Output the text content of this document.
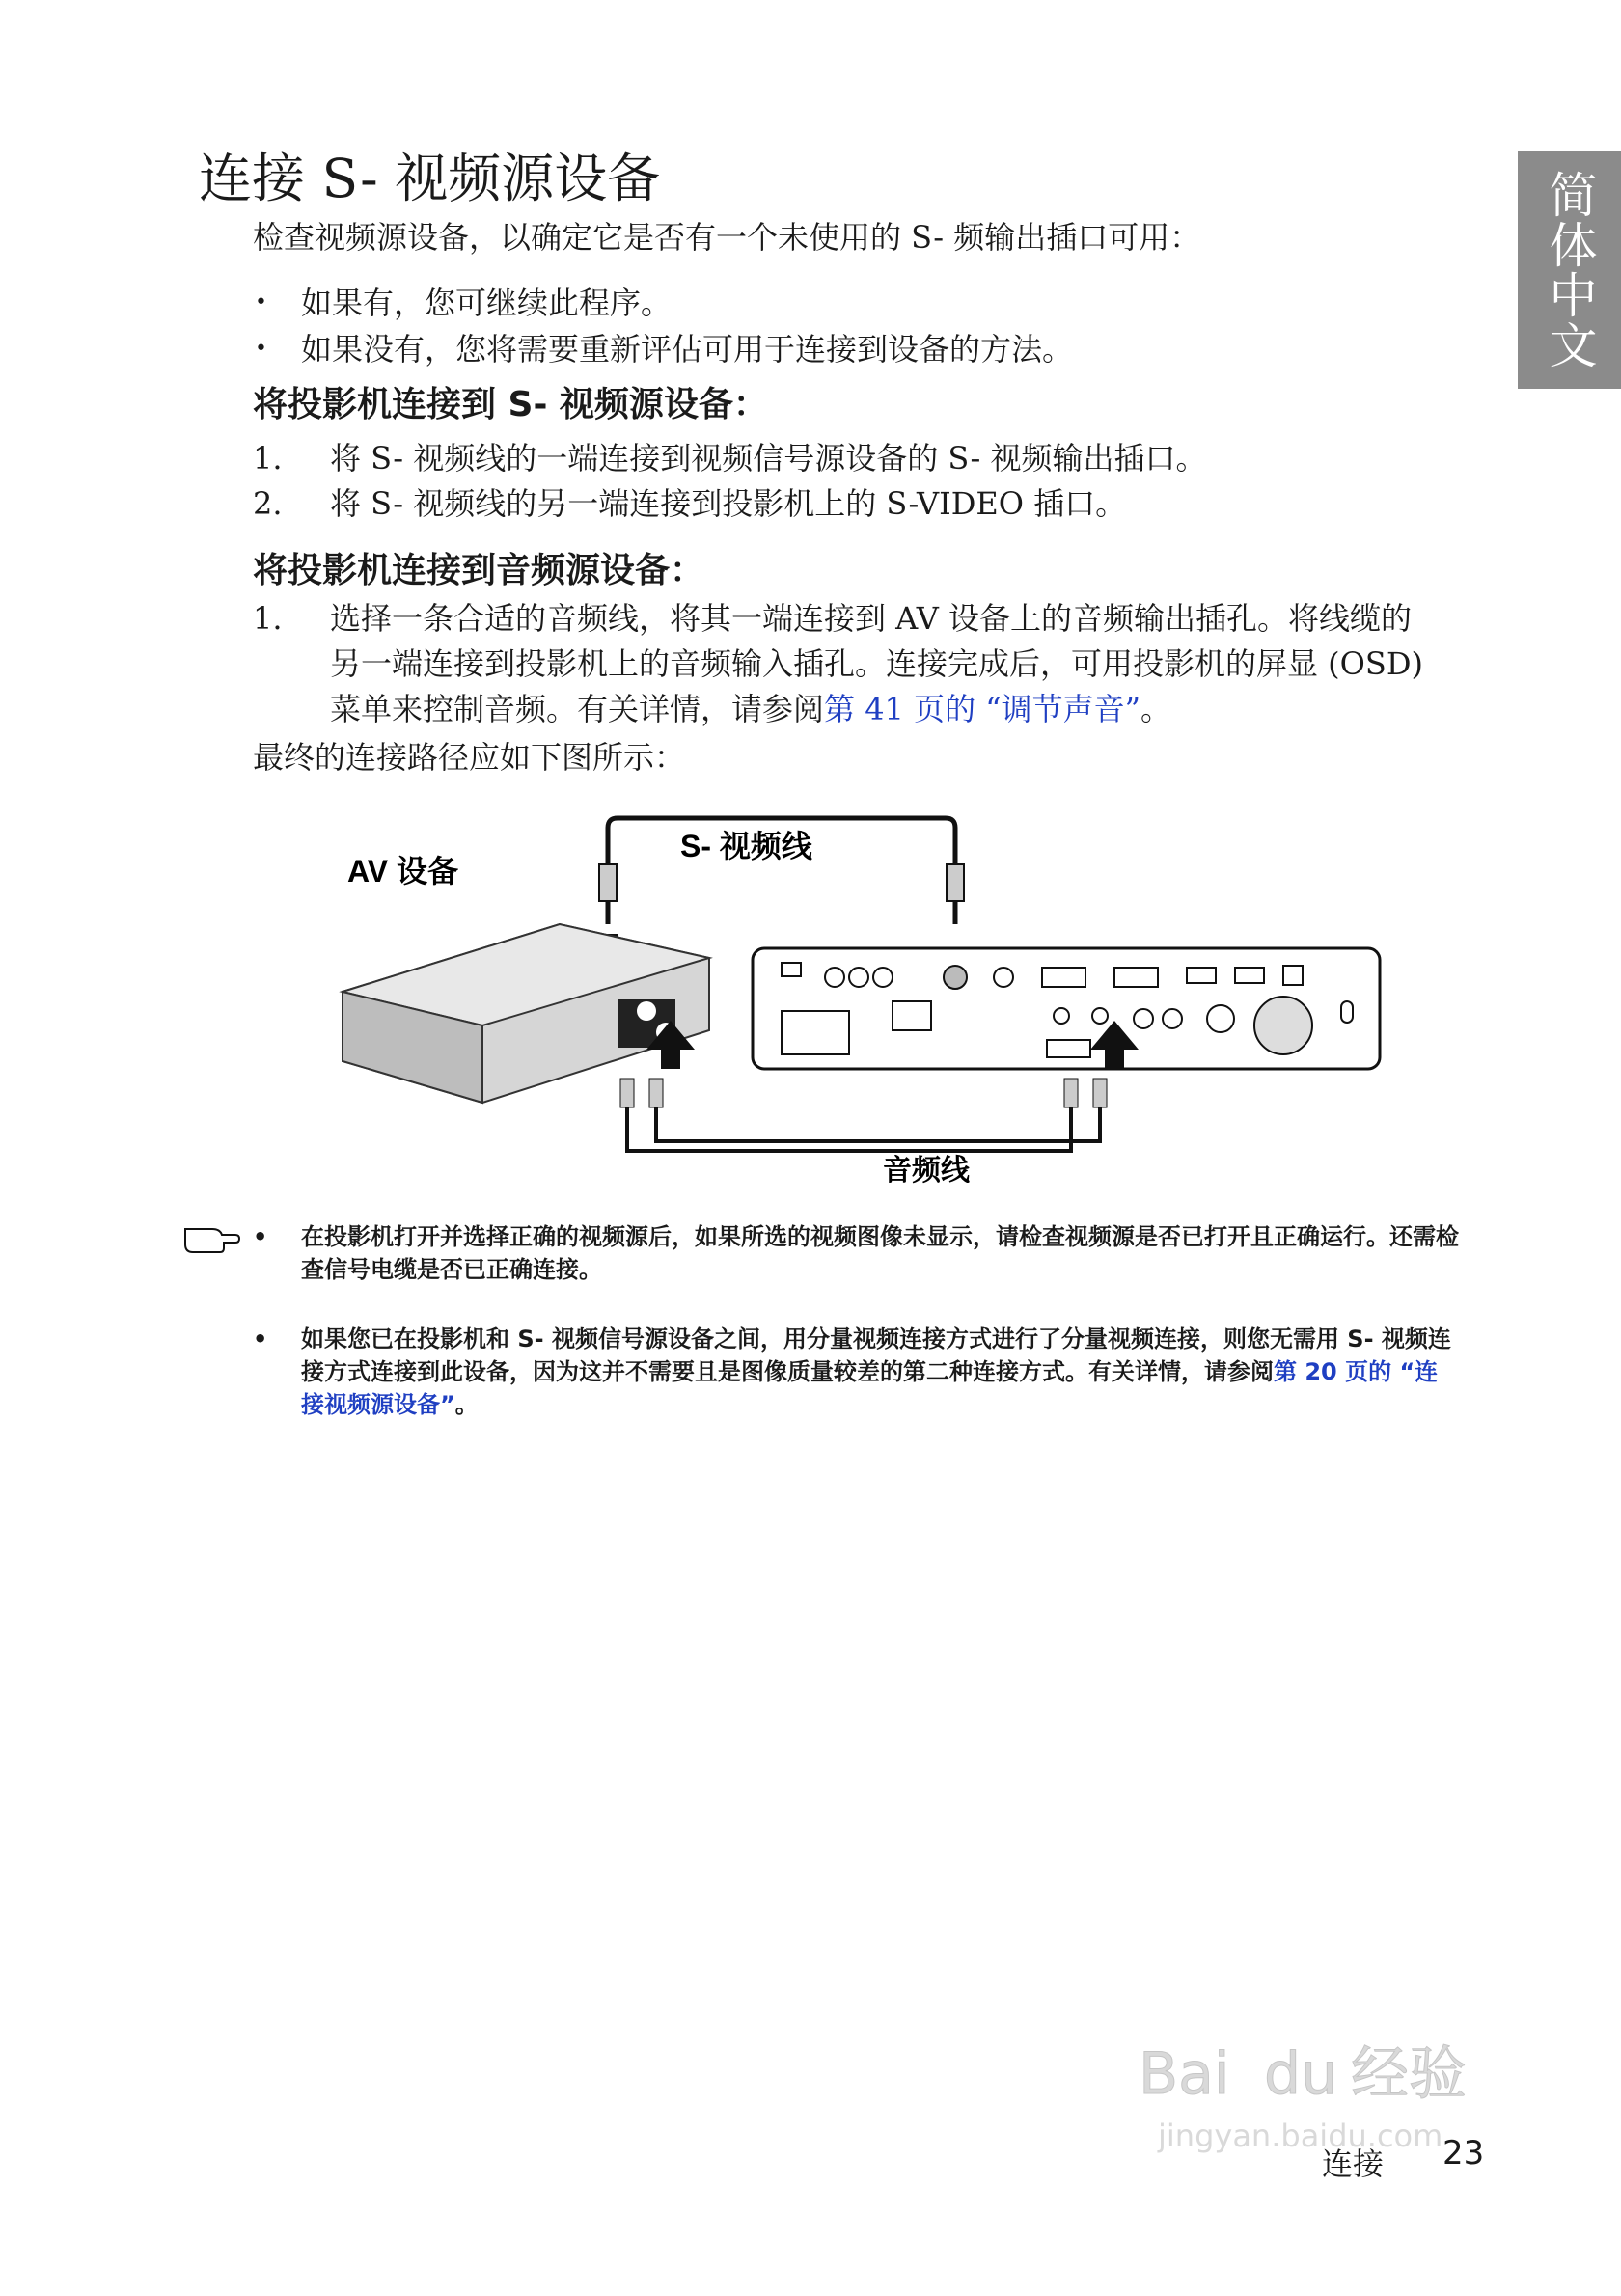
简体中文
连接 S- 视频源设备

检查视频源设备，以确定它是否有一个未使用的 S- 频输出插口可用：

• 如果有，您可继续此程序。
• 如果没有，您将需要重新评估可用于连接到设备的方法。
将投影机连接到 S- 视频源设备：
1. 将 S- 视频线的一端连接到视频信号源设备的 S- 视频输出插口。
2. 将 S- 视频线的另一端连接到投影机上的 S-VIDEO 插口。
将投影机连接到音频源设备：
1. 选择一条合适的音频线，将其一端连接到 AV 设备上的音频输出插孔。将线缆的另一端连接到投影机上的音频输入插孔。连接完成后，可用投影机的屏显 (OSD) 菜单来控制音频。有关详情，请参阅第 41 页的 “调节声音”。

最终的连接路径应如下图所示：

AV 设备
S- 视频线
音频线
• 在投影机打开并选择正确的视频源后，如果所选的视频图像未显示，请检查视频源是否已打开且正确运行。还需检查信号电缆是否已正确连接。
• 如果您已在投影机和 S- 视频信号源设备之间，用分量视频连接方式进行了分量视频连接，则您无需用 S- 视频连接方式连接到此设备，因为这并不需要且是图像质量较差的第二种连接方式。有关详情，请参阅第 20 页的 “连接视频源设备”。
Bai du 经验
jingyan.baidu.com
连接 23
